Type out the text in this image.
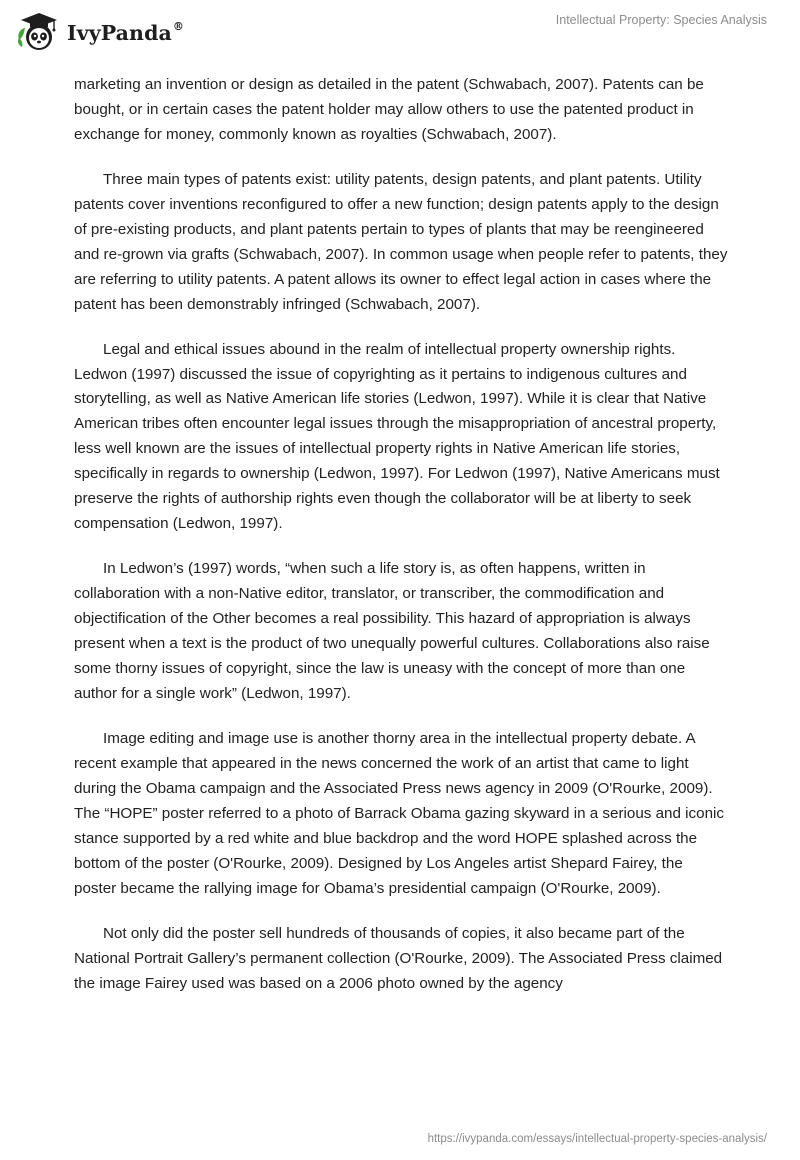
IvyPanda®	Intellectual Property: Species Analysis

marketing an invention or design as detailed in the patent (Schwabach, 2007). Patents can be bought, or in certain cases the patent holder may allow others to use the patented product in exchange for money, commonly known as royalties (Schwabach, 2007).

Three main types of patents exist: utility patents, design patents, and plant patents. Utility patents cover inventions reconfigured to offer a new function; design patents apply to the design of pre-existing products, and plant patents pertain to types of plants that may be reengineered and re-grown via grafts (Schwabach, 2007). In common usage when people refer to patents, they are referring to utility patents. A patent allows its owner to effect legal action in cases where the patent has been demonstrably infringed (Schwabach, 2007).

Legal and ethical issues abound in the realm of intellectual property ownership rights. Ledwon (1997) discussed the issue of copyrighting as it pertains to indigenous cultures and storytelling, as well as Native American life stories (Ledwon, 1997). While it is clear that Native American tribes often encounter legal issues through the misappropriation of ancestral property, less well known are the issues of intellectual property rights in Native American life stories, specifically in regards to ownership (Ledwon, 1997). For Ledwon (1997), Native Americans must preserve the rights of authorship rights even though the collaborator will be at liberty to seek compensation (Ledwon, 1997).

In Ledwon’s (1997) words, “when such a life story is, as often happens, written in collaboration with a non-Native editor, translator, or transcriber, the commodification and objectification of the Other becomes a real possibility. This hazard of appropriation is always present when a text is the product of two unequally powerful cultures. Collaborations also raise some thorny issues of copyright, since the law is uneasy with the concept of more than one author for a single work” (Ledwon, 1997).

Image editing and image use is another thorny area in the intellectual property debate. A recent example that appeared in the news concerned the work of an artist that came to light during the Obama campaign and the Associated Press news agency in 2009 (O'Rourke, 2009). The “HOPE” poster referred to a photo of Barrack Obama gazing skyward in a serious and iconic stance supported by a red white and blue backdrop and the word HOPE splashed across the bottom of the poster (O'Rourke, 2009). Designed by Los Angeles artist Shepard Fairey, the poster became the rallying image for Obama’s presidential campaign (O'Rourke, 2009).

Not only did the poster sell hundreds of thousands of copies, it also became part of the National Portrait Gallery’s permanent collection (O'Rourke, 2009). The Associated Press claimed the image Fairey used was based on a 2006 photo owned by the agency

https://ivypanda.com/essays/intellectual-property-species-analysis/
